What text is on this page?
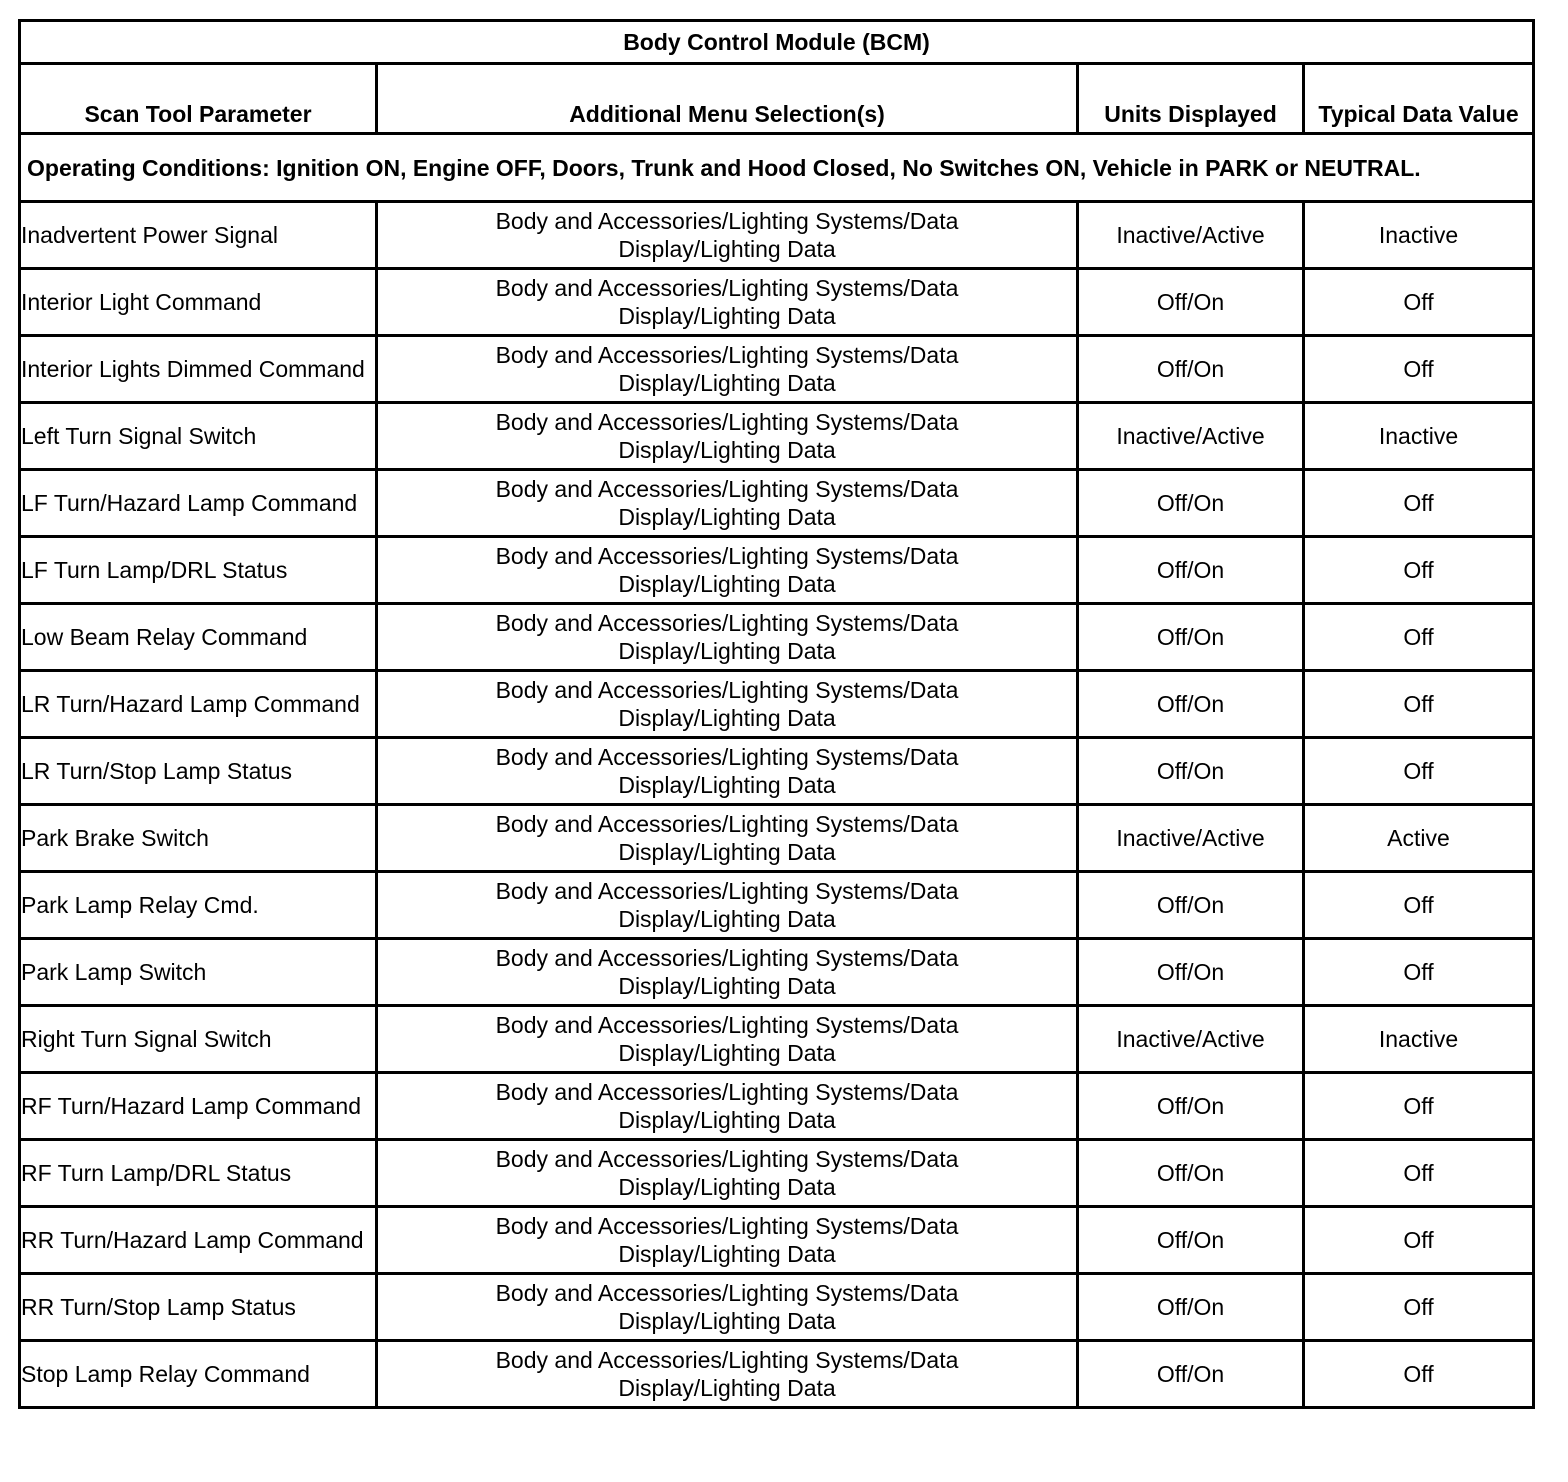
Body Control Module (BCM)			
Scan Tool Parameter	Additional Menu Selection(s)	Units Displayed	Typical Data Value
Operating Conditions: Ignition ON, Engine OFF, Doors, Trunk and Hood Closed, No Switches ON, Vehicle in PARK or NEUTRAL.			
Inadvertent Power Signal	Body and Accessories/Lighting Systems/Data Display/Lighting Data	Inactive/Active	Inactive
Interior Light Command	Body and Accessories/Lighting Systems/Data Display/Lighting Data	Off/On	Off
Interior Lights Dimmed Command	Body and Accessories/Lighting Systems/Data Display/Lighting Data	Off/On	Off
Left Turn Signal Switch	Body and Accessories/Lighting Systems/Data Display/Lighting Data	Inactive/Active	Inactive
LF Turn/Hazard Lamp Command	Body and Accessories/Lighting Systems/Data Display/Lighting Data	Off/On	Off
LF Turn Lamp/DRL Status	Body and Accessories/Lighting Systems/Data Display/Lighting Data	Off/On	Off
Low Beam Relay Command	Body and Accessories/Lighting Systems/Data Display/Lighting Data	Off/On	Off
LR Turn/Hazard Lamp Command	Body and Accessories/Lighting Systems/Data Display/Lighting Data	Off/On	Off
LR Turn/Stop Lamp Status	Body and Accessories/Lighting Systems/Data Display/Lighting Data	Off/On	Off
Park Brake Switch	Body and Accessories/Lighting Systems/Data Display/Lighting Data	Inactive/Active	Active
Park Lamp Relay Cmd.	Body and Accessories/Lighting Systems/Data Display/Lighting Data	Off/On	Off
Park Lamp Switch	Body and Accessories/Lighting Systems/Data Display/Lighting Data	Off/On	Off
Right Turn Signal Switch	Body and Accessories/Lighting Systems/Data Display/Lighting Data	Inactive/Active	Inactive
RF Turn/Hazard Lamp Command	Body and Accessories/Lighting Systems/Data Display/Lighting Data	Off/On	Off
RF Turn Lamp/DRL Status	Body and Accessories/Lighting Systems/Data Display/Lighting Data	Off/On	Off
RR Turn/Hazard Lamp Command	Body and Accessories/Lighting Systems/Data Display/Lighting Data	Off/On	Off
RR Turn/Stop Lamp Status	Body and Accessories/Lighting Systems/Data Display/Lighting Data	Off/On	Off
Stop Lamp Relay Command	Body and Accessories/Lighting Systems/Data Display/Lighting Data	Off/On	Off
